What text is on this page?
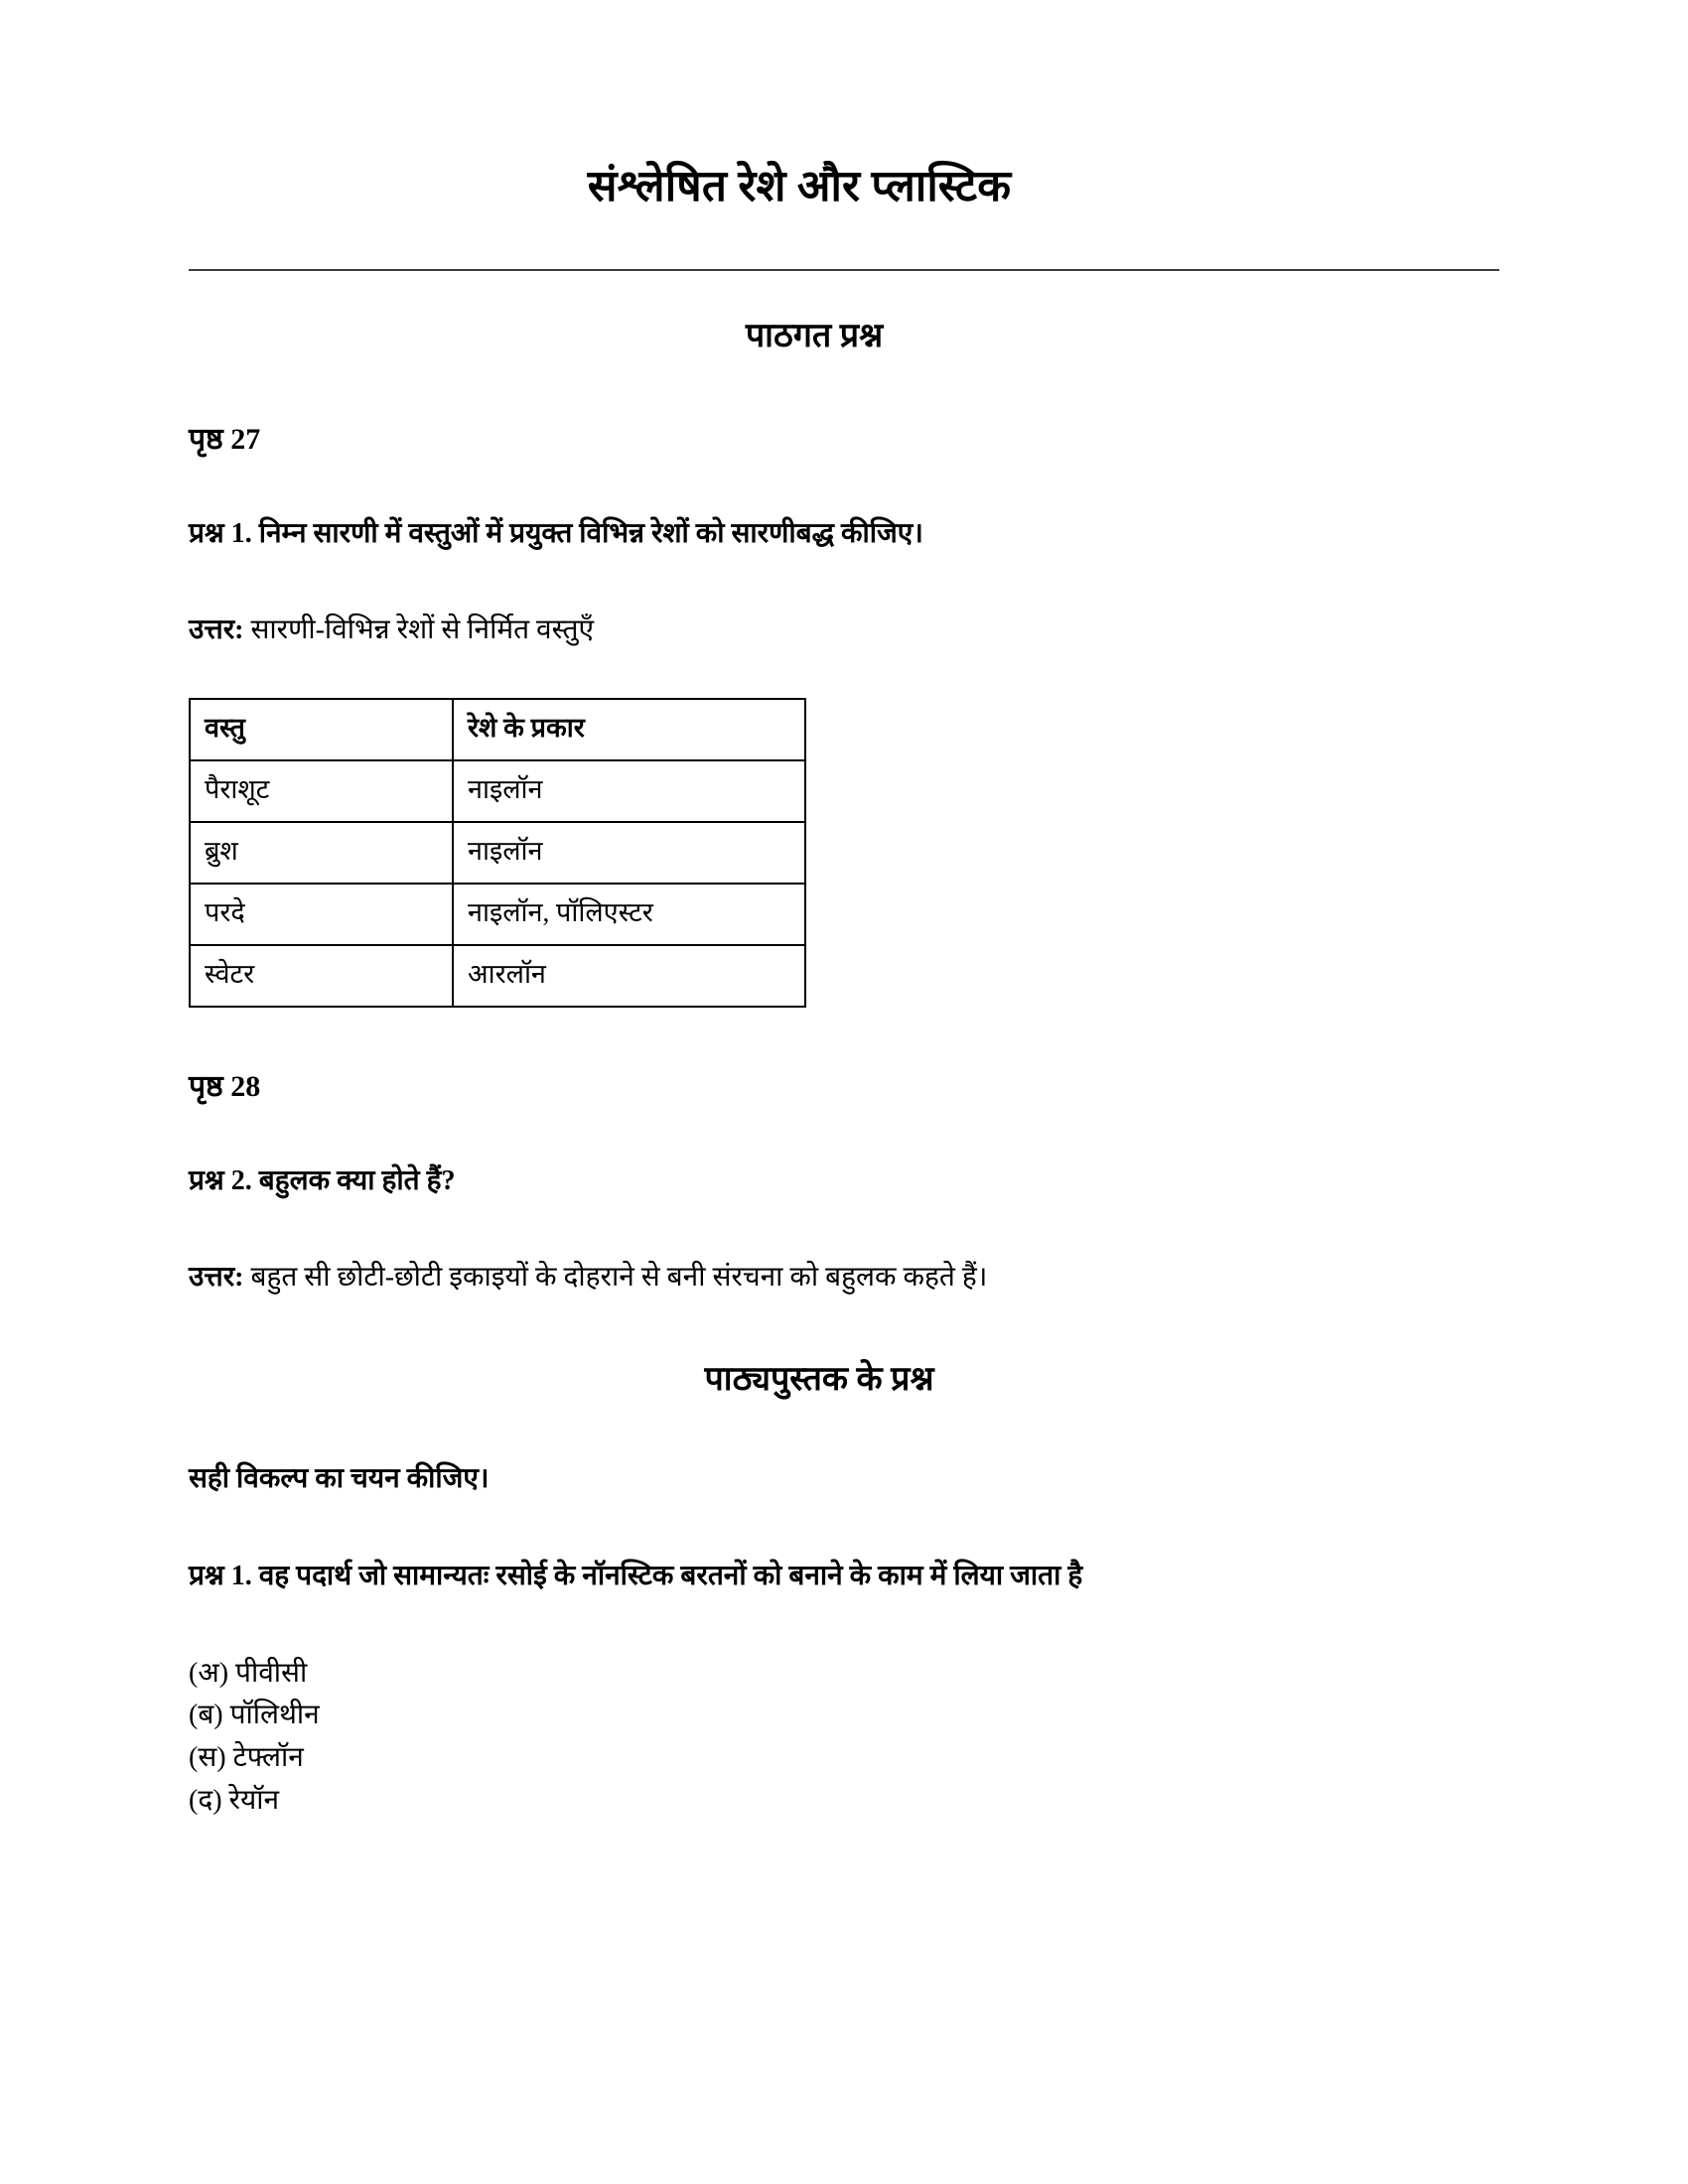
संश्लेषित रेशे और प्लास्टिक
पाठगत प्रश्न

पृष्ठ 27

प्रश्न 1. निम्न सारणी में वस्तुओं में प्रयुक्त विभिन्न रेशों को सारणीबद्ध कीजिए।

उत्तर: सारणी-विभिन्न रेशों से निर्मित वस्तुएँ

वस्तु	रेशे के प्रकार
पैराशूट	नाइलॉन
ब्रुश	नाइलॉन
परदे	नाइलॉन, पॉलिएस्टर
स्वेटर	आरलॉन

पृष्ठ 28

प्रश्न 2. बहुलक क्या होते हैं?

उत्तर: बहुत सी छोटी-छोटी इकाइयों के दोहराने से बनी संरचना को बहुलक कहते हैं।

पाठ्यपुस्तक के प्रश्न

सही विकल्प का चयन कीजिए।

प्रश्न 1. वह पदार्थ जो सामान्यतः रसोई के नॉनस्टिक बरतनों को बनाने के काम में लिया जाता है

(अ) पीवीसी
(ब) पॉलिथीन
(स) टेफ्लॉन
(द) रेयॉन
